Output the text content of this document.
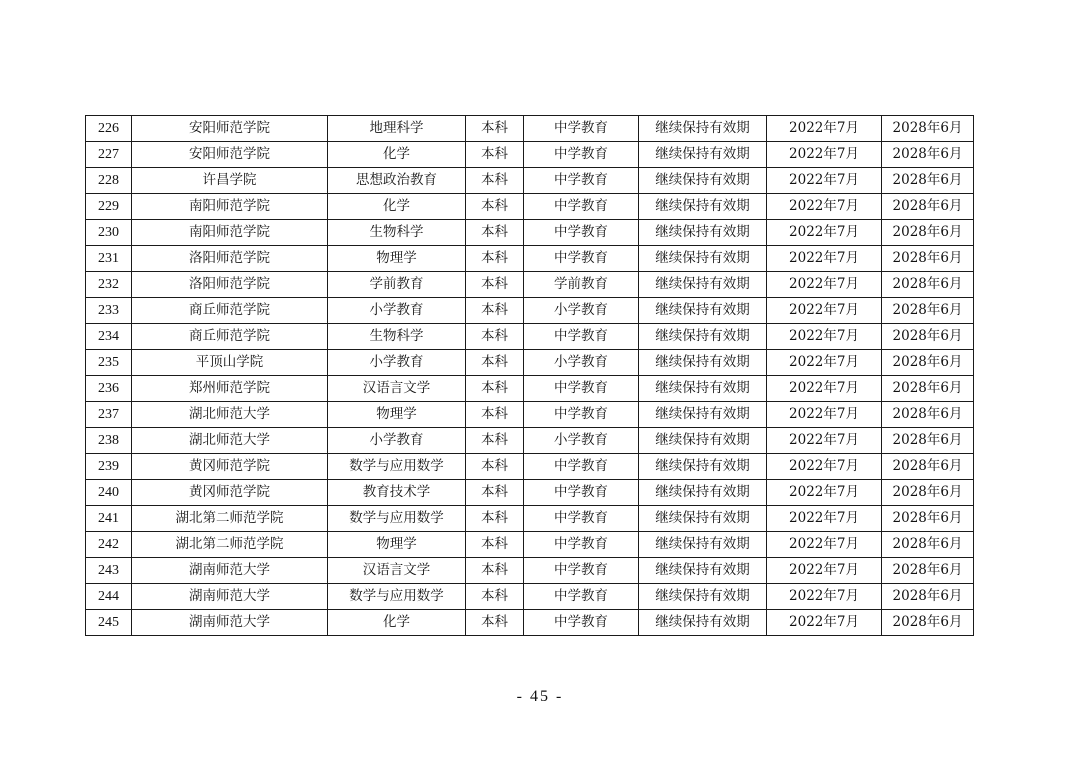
226	安阳师范学院	地理科学	本科	中学教育	继续保持有效期	2022年7月	2028年6月
227	安阳师范学院	化学	本科	中学教育	继续保持有效期	2022年7月	2028年6月
228	许昌学院	思想政治教育	本科	中学教育	继续保持有效期	2022年7月	2028年6月
229	南阳师范学院	化学	本科	中学教育	继续保持有效期	2022年7月	2028年6月
230	南阳师范学院	生物科学	本科	中学教育	继续保持有效期	2022年7月	2028年6月
231	洛阳师范学院	物理学	本科	中学教育	继续保持有效期	2022年7月	2028年6月
232	洛阳师范学院	学前教育	本科	学前教育	继续保持有效期	2022年7月	2028年6月
233	商丘师范学院	小学教育	本科	小学教育	继续保持有效期	2022年7月	2028年6月
234	商丘师范学院	生物科学	本科	中学教育	继续保持有效期	2022年7月	2028年6月
235	平顶山学院	小学教育	本科	小学教育	继续保持有效期	2022年7月	2028年6月
236	郑州师范学院	汉语言文学	本科	中学教育	继续保持有效期	2022年7月	2028年6月
237	湖北师范大学	物理学	本科	中学教育	继续保持有效期	2022年7月	2028年6月
238	湖北师范大学	小学教育	本科	小学教育	继续保持有效期	2022年7月	2028年6月
239	黄冈师范学院	数学与应用数学	本科	中学教育	继续保持有效期	2022年7月	2028年6月
240	黄冈师范学院	教育技术学	本科	中学教育	继续保持有效期	2022年7月	2028年6月
241	湖北第二师范学院	数学与应用数学	本科	中学教育	继续保持有效期	2022年7月	2028年6月
242	湖北第二师范学院	物理学	本科	中学教育	继续保持有效期	2022年7月	2028年6月
243	湖南师范大学	汉语言文学	本科	中学教育	继续保持有效期	2022年7月	2028年6月
244	湖南师范大学	数学与应用数学	本科	中学教育	继续保持有效期	2022年7月	2028年6月
245	湖南师范大学	化学	本科	中学教育	继续保持有效期	2022年7月	2028年6月
- 45 -
